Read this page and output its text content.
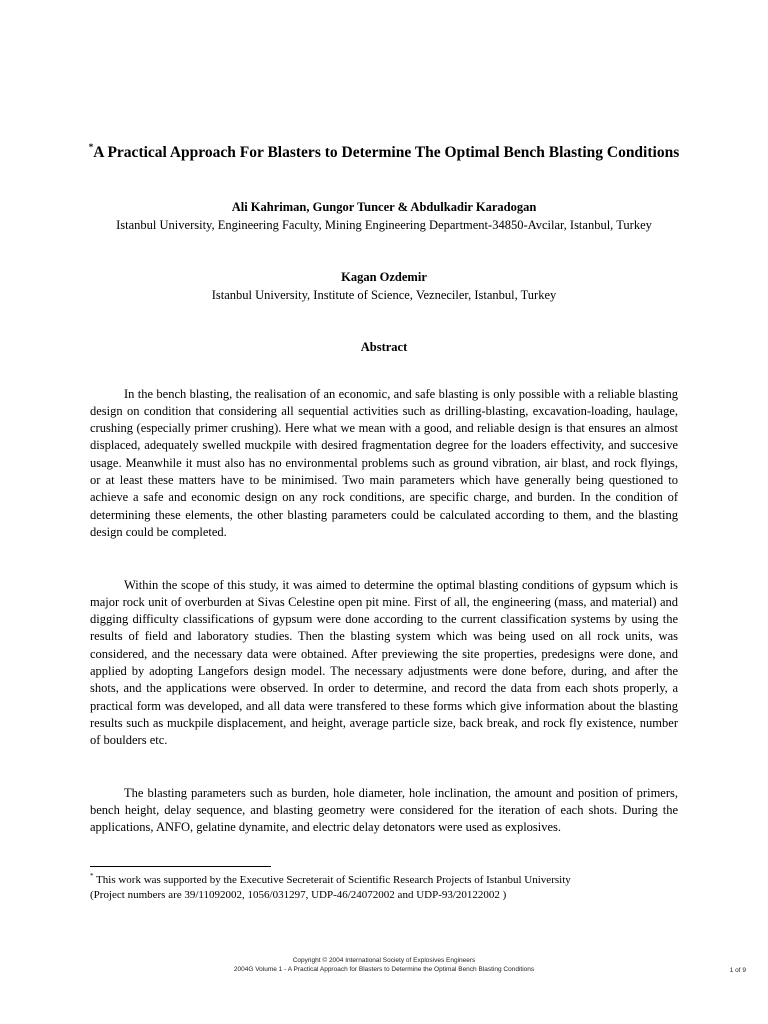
*A Practical Approach For Blasters to Determine The Optimal Bench Blasting Conditions
Ali Kahriman, Gungor Tuncer & Abdulkadir Karadogan
Istanbul University, Engineering Faculty, Mining Engineering Department-34850-Avcilar, Istanbul, Turkey
Kagan Ozdemir
Istanbul University, Institute of Science, Vezneciler, Istanbul, Turkey
Abstract

In the bench blasting, the realisation of an economic, and safe blasting is only possible with a reliable blasting design on condition that considering all sequential activities such as drilling-blasting, excavation-loading, haulage, crushing (especially primer crushing). Here what we mean with a good, and reliable design is that ensures an almost displaced, adequately swelled muckpile with desired fragmentation degree for the loaders effectivity, and succesive usage. Meanwhile it must also has no environmental problems such as ground vibration, air blast, and rock flyings, or at least these matters have to be minimised. Two main parameters which have generally being questioned to achieve a safe and economic design on any rock conditions, are specific charge, and burden. In the condition of determining these elements, the other blasting parameters could be calculated according to them, and the blasting design could be completed.

Within the scope of this study, it was aimed to determine the optimal blasting conditions of gypsum which is major rock unit of overburden at Sivas Celestine open pit mine. First of all, the engineering (mass, and material) and digging difficulty classifications of gypsum were done according to the current classification systems by using the results of field and laboratory studies. Then the blasting system which was being used on all rock units, was considered, and the necessary data were obtained. After previewing the site properties, predesigns were done, and applied by adopting Langefors design model. The necessary adjustments were done before, during, and after the shots, and the applications were observed. In order to determine, and record the data from each shots properly, a practical form was developed, and all data were transfered to these forms which give information about the blasting results such as muckpile displacement, and height, average particle size, back break, and rock fly existence, number of boulders etc.

The blasting parameters such as burden, hole diameter, hole inclination, the amount and position of primers, bench height, delay sequence, and blasting geometry were considered for the iteration of each shots. During the applications, ANFO, gelatine dynamite, and electric delay detonators were used as explosives.

* This work was supported by the Executive Secreterait of Scientific Research Projects of Istanbul University
(Project numbers are 39/11092002, 1056/031297, UDP-46/24072002 and UDP-93/20122002 )
Copyright © 2004 International Society of Explosives Engineers
2004G Volume 1 - A Practical Approach for Blasters to Determine the Optimal Bench Blasting Conditions	1 of 9
